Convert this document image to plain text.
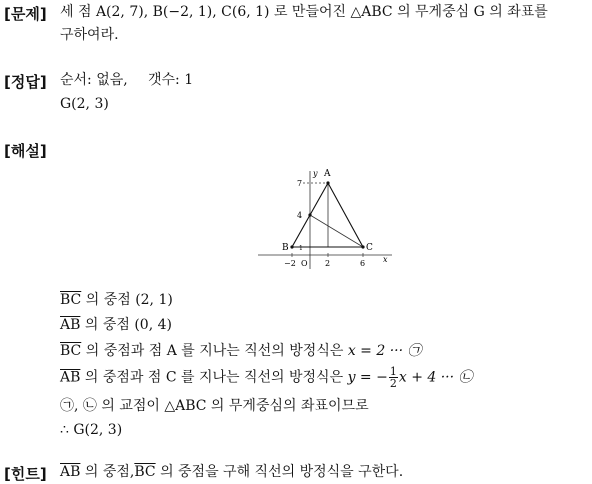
[문제] 세 점 A(2, 7), B(−2, 1), C(6, 1) 로 만들어진 △ABC 의 무게중심 G 의 좌표를
구하여라.
[정답] 순서: 없음, 갯수: 1
G(2, 3)
[해설]
y
x
O
A
B	C
7
4
1
−2	2	6
$\overline{BC}$ 의 중점 (2, 1)
$\overline{AB}$ 의 중점 (0, 4)
$\overline{BC}$ 의 중점과 점 A 를 지나는 직선의 방정식은 x = 2 ··· ㉠
$\overline{AB}$ 의 중점과 점 C 를 지나는 직선의 방정식은 y = − $\frac{1}{2}$ x + 4 ··· ㉡
㉠, ㉡ 의 교점이 △ABC 의 무게중심의 좌표이므로
∴ G(2, 3)
[힌트] $\overline{AB}$ 의 중점$,\overline{BC}$ 의 중점을 구해 직선의 방정식을 구한다.
